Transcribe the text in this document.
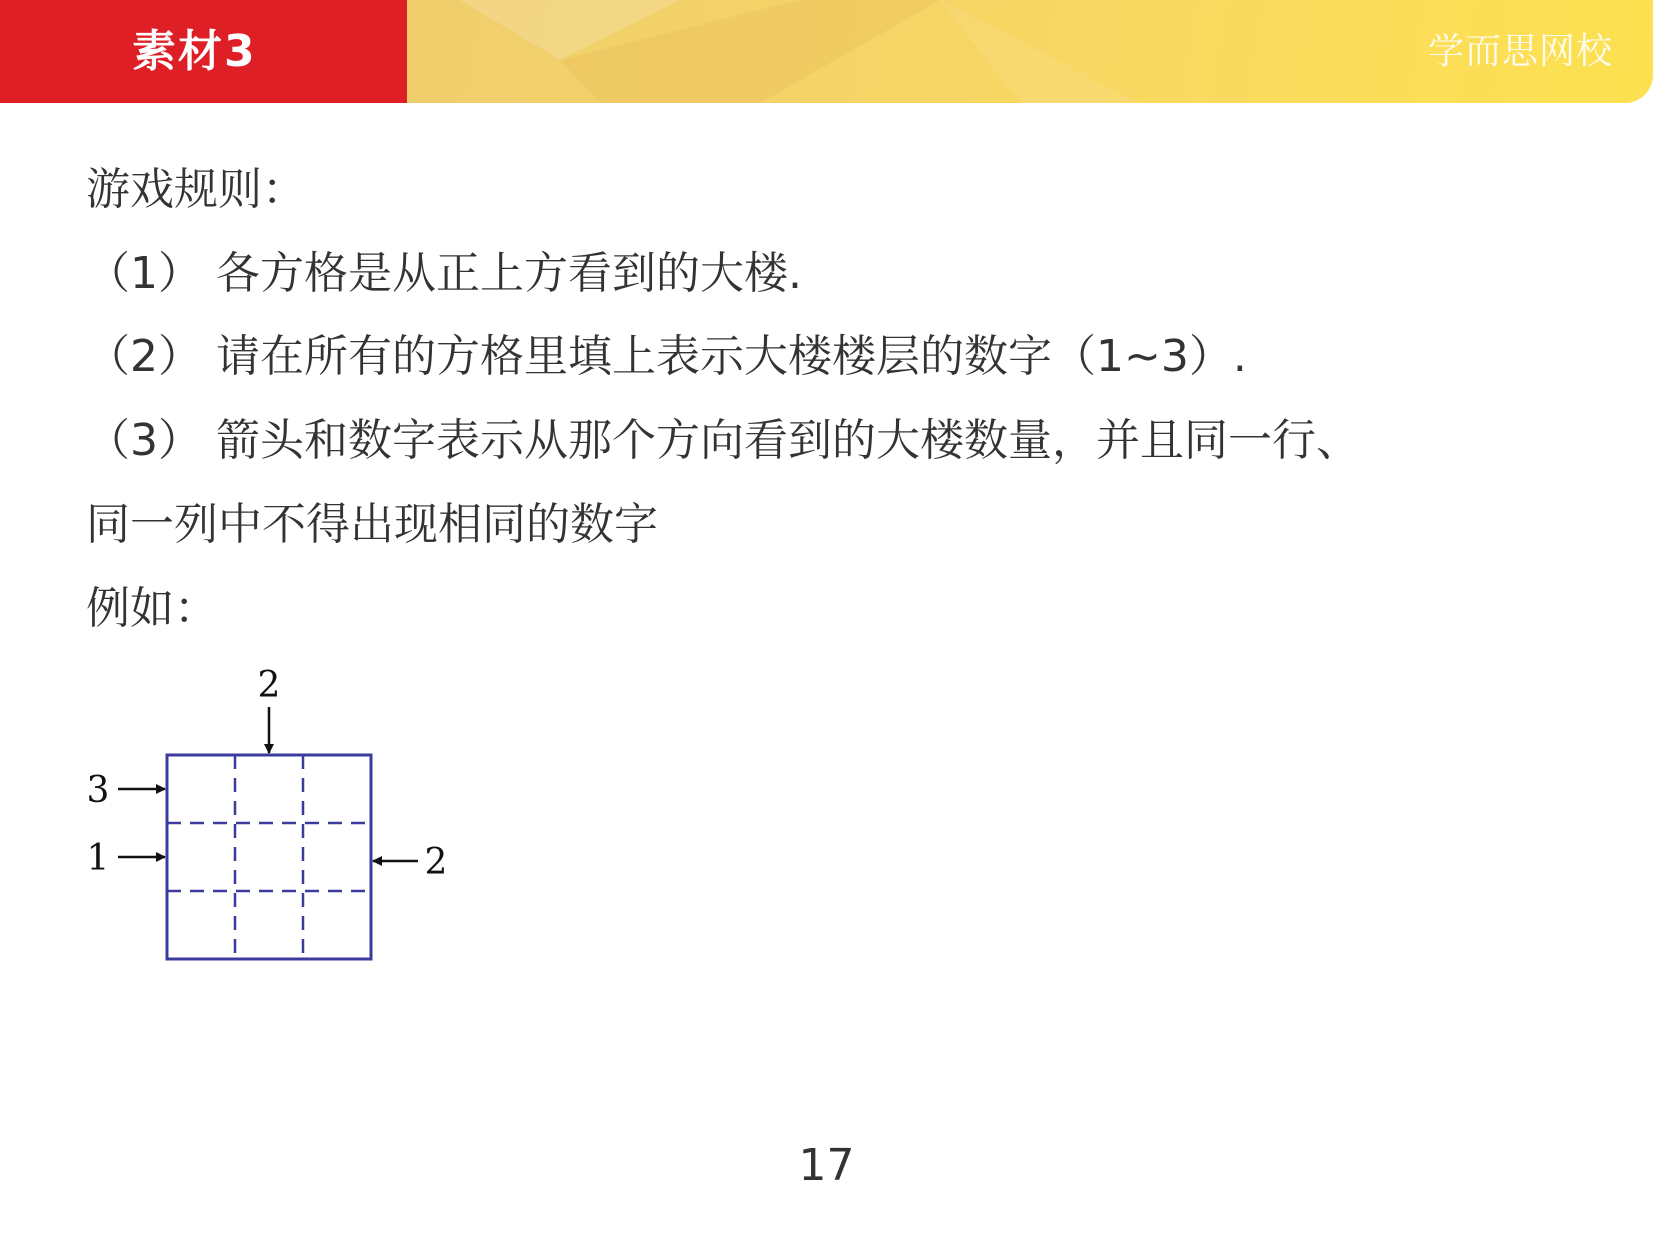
素材3	学而思网校
游戏规则：
（1） 各方格是从正上方看到的大楼.
（2） 请在所有的方格里填上表示大楼楼层的数字（1~3）.
（3） 箭头和数字表示从那个方向看到的大楼数量，并且同一行、
同一列中不得出现相同的数字
例如：
2
3
1	2
17
